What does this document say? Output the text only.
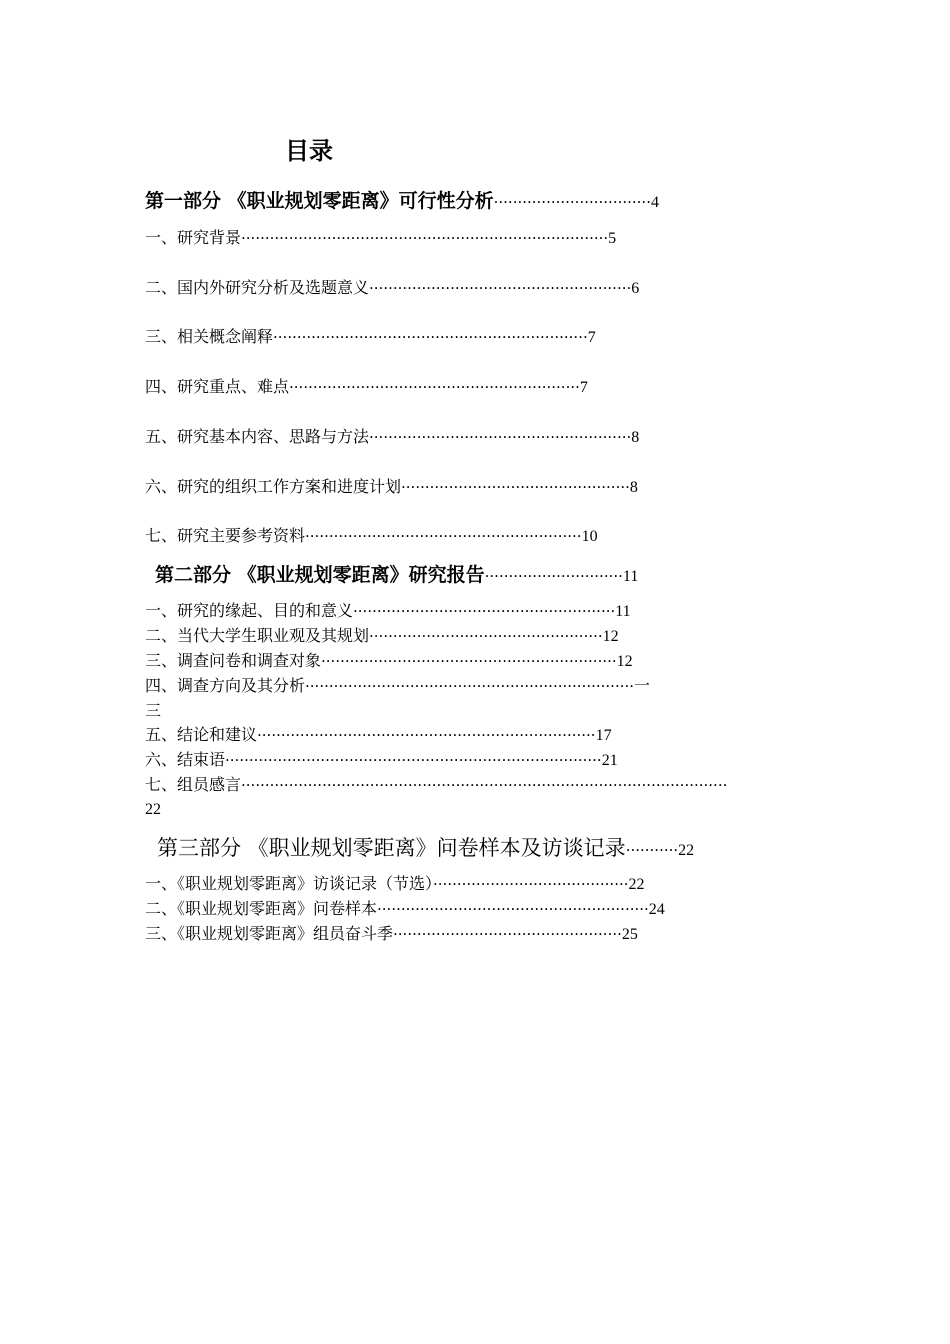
目录
第一部分 《职业规划零距离》可行性分析·································4
一、研究背景·············································································5
二、国内外研究分析及选题意义·······················································6
三、相关概念阐释··································································7
四、研究重点、难点·····························································7
五、研究基本内容、思路与方法·······················································8
六、研究的组织工作方案和进度计划················································8
七、研究主要参考资料··························································10
第二部分 《职业规划零距离》研究报告·····························11
一、研究的缘起、目的和意义·······················································11
二、当代大学生职业观及其规划·················································12
三、调查问卷和调查对象······························································12
四、调查方向及其分析·····································································一
三
五、结论和建议·······································································17
六、结束语···············································································21
七、组员感言······································································································
22
第三部分 《职业规划零距离》问卷样本及访谈记录···········22
一、《职业规划零距离》访谈记录（节选）·········································22
二、《职业规划零距离》问卷样本·························································24
三、《职业规划零距离》组员奋斗季················································25
